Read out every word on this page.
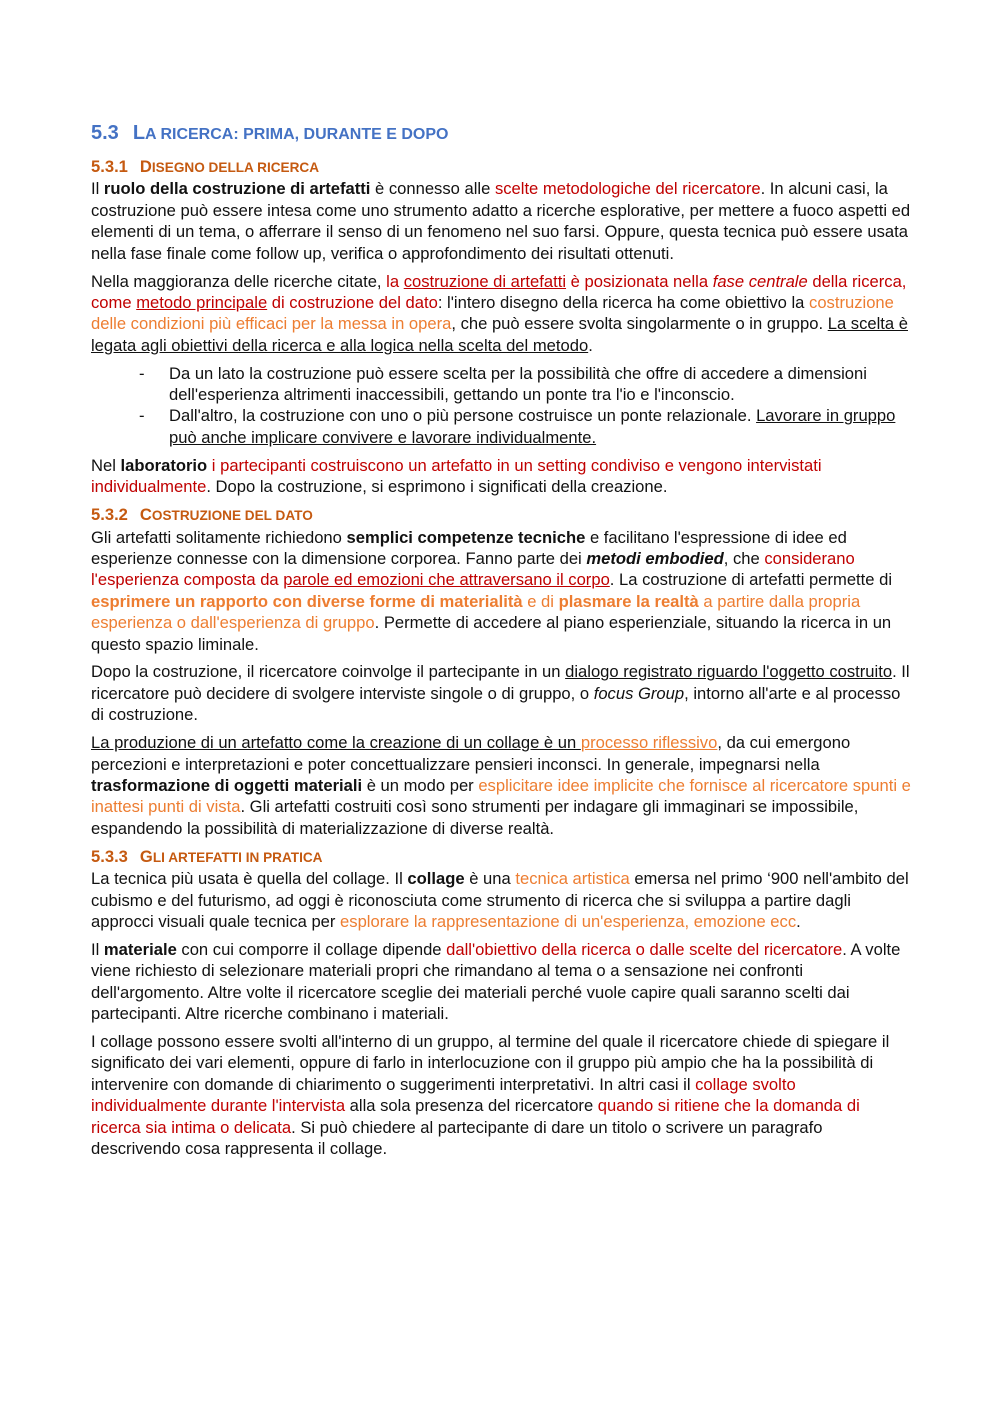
5.3 LA RICERCA: PRIMA, DURANTE E DOPO
5.3.1 DISEGNO DELLA RICERCA

Il ruolo della costruzione di artefatti è connesso alle scelte metodologiche del ricercatore. In alcuni casi, la costruzione può essere intesa come uno strumento adatto a ricerche esplorative, per mettere a fuoco aspetti ed elementi di un tema, o afferrare il senso di un fenomeno nel suo farsi. Oppure, questa tecnica può essere usata nella fase finale come follow up, verifica o approfondimento dei risultati ottenuti.

Nella maggioranza delle ricerche citate, la costruzione di artefatti è posizionata nella fase centrale della ricerca, come metodo principale di costruzione del dato: l'intero disegno della ricerca ha come obiettivo la costruzione delle condizioni più efficaci per la messa in opera, che può essere svolta singolarmente o in gruppo. La scelta è legata agli obiettivi della ricerca e alla logica nella scelta del metodo.

- Da un lato la costruzione può essere scelta per la possibilità che offre di accedere a dimensioni dell'esperienza altrimenti inaccessibili, gettando un ponte tra l'io e l'inconscio.
- Dall'altro, la costruzione con uno o più persone costruisce un ponte relazionale. Lavorare in gruppo può anche implicare convivere e lavorare individualmente.

Nel laboratorio i partecipanti costruiscono un artefatto in un setting condiviso e vengono intervistati individualmente. Dopo la costruzione, si esprimono i significati della creazione.

5.3.2 COSTRUZIONE DEL DATO

Gli artefatti solitamente richiedono semplici competenze tecniche e facilitano l'espressione di idee ed esperienze connesse con la dimensione corporea. Fanno parte dei metodi embodied, che considerano l'esperienza composta da parole ed emozioni che attraversano il corpo. La costruzione di artefatti permette di esprimere un rapporto con diverse forme di materialità e di plasmare la realtà a partire dalla propria esperienza o dall'esperienza di gruppo. Permette di accedere al piano esperienziale, situando la ricerca in un questo spazio liminale.

Dopo la costruzione, il ricercatore coinvolge il partecipante in un dialogo registrato riguardo l'oggetto costruito. Il ricercatore può decidere di svolgere interviste singole o di gruppo, o focus Group, intorno all'arte e al processo di costruzione.

La produzione di un artefatto come la creazione di un collage è un processo riflessivo, da cui emergono percezioni e interpretazioni e poter concettualizzare pensieri inconsci. In generale, impegnarsi nella trasformazione di oggetti materiali è un modo per esplicitare idee implicite che fornisce al ricercatore spunti e inattesi punti di vista. Gli artefatti costruiti così sono strumenti per indagare gli immaginari se impossibile, espandendo la possibilità di materializzazione di diverse realtà.

5.3.3 GLI ARTEFATTI IN PRATICA

La tecnica più usata è quella del collage. Il collage è una tecnica artistica emersa nel primo ‘900 nell'ambito del cubismo e del futurismo, ad oggi è riconosciuta come strumento di ricerca che si sviluppa a partire dagli approcci visuali quale tecnica per esplorare la rappresentazione di un'esperienza, emozione ecc.

Il materiale con cui comporre il collage dipende dall'obiettivo della ricerca o dalle scelte del ricercatore. A volte viene richiesto di selezionare materiali propri che rimandano al tema o a sensazione nei confronti dell'argomento. Altre volte il ricercatore sceglie dei materiali perché vuole capire quali saranno scelti dai partecipanti. Altre ricerche combinano i materiali.

I collage possono essere svolti all'interno di un gruppo, al termine del quale il ricercatore chiede di spiegare il significato dei vari elementi, oppure di farlo in interlocuzione con il gruppo più ampio che ha la possibilità di intervenire con domande di chiarimento o suggerimenti interpretativi. In altri casi il collage svolto individualmente durante l'intervista alla sola presenza del ricercatore quando si ritiene che la domanda di ricerca sia intima o delicata. Si può chiedere al partecipante di dare un titolo o scrivere un paragrafo descrivendo cosa rappresenta il collage.
